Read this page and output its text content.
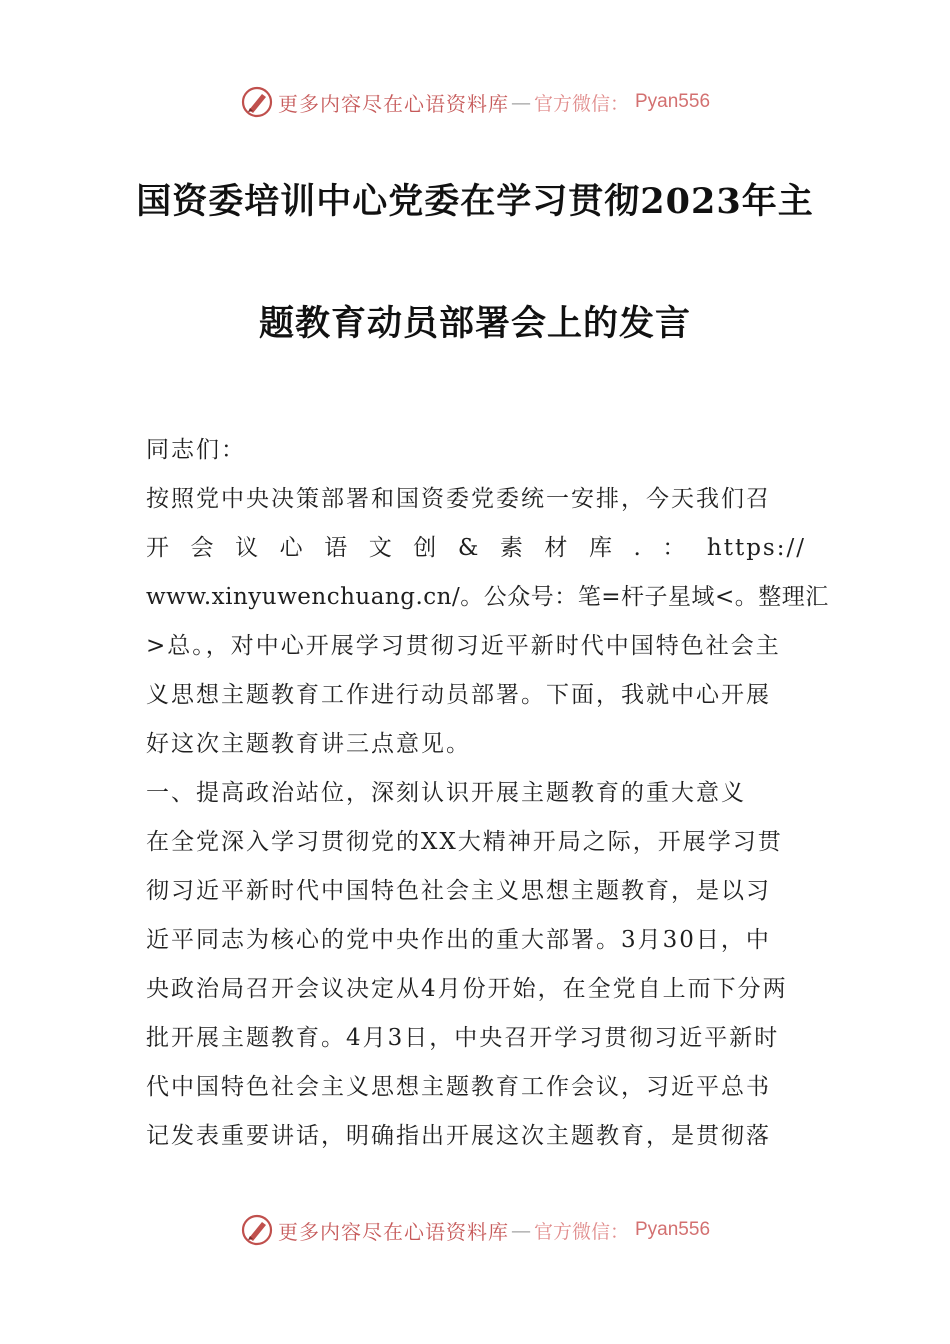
更多内容尽在心语资料库 — 官方微信： Pyan556
国资委培训中心党委在学习贯彻2023年主
题教育动员部署会上的发言
同志们：
按照党中央决策部署和国资委党委统一安排，今天我们召
开 会 议 心 语 文 创 & 素 材 库 . ： https://
www.xinyuwenchuang.cn/。公众号：笔=杆子星域<。整理汇
>总。，对中心开展学习贯彻习近平新时代中国特色社会主
义思想主题教育工作进行动员部署。下面，我就中心开展
好这次主题教育讲三点意见。
一、提高政治站位，深刻认识开展主题教育的重大意义
在全党深入学习贯彻党的XX大精神开局之际，开展学习贯
彻习近平新时代中国特色社会主义思想主题教育，是以习
近平同志为核心的党中央作出的重大部署。3月30日，中
央政治局召开会议决定从4月份开始，在全党自上而下分两
批开展主题教育。4月3日，中央召开学习贯彻习近平新时
代中国特色社会主义思想主题教育工作会议，习近平总书
记发表重要讲话，明确指出开展这次主题教育，是贯彻落
更多内容尽在心语资料库 — 官方微信： Pyan556
